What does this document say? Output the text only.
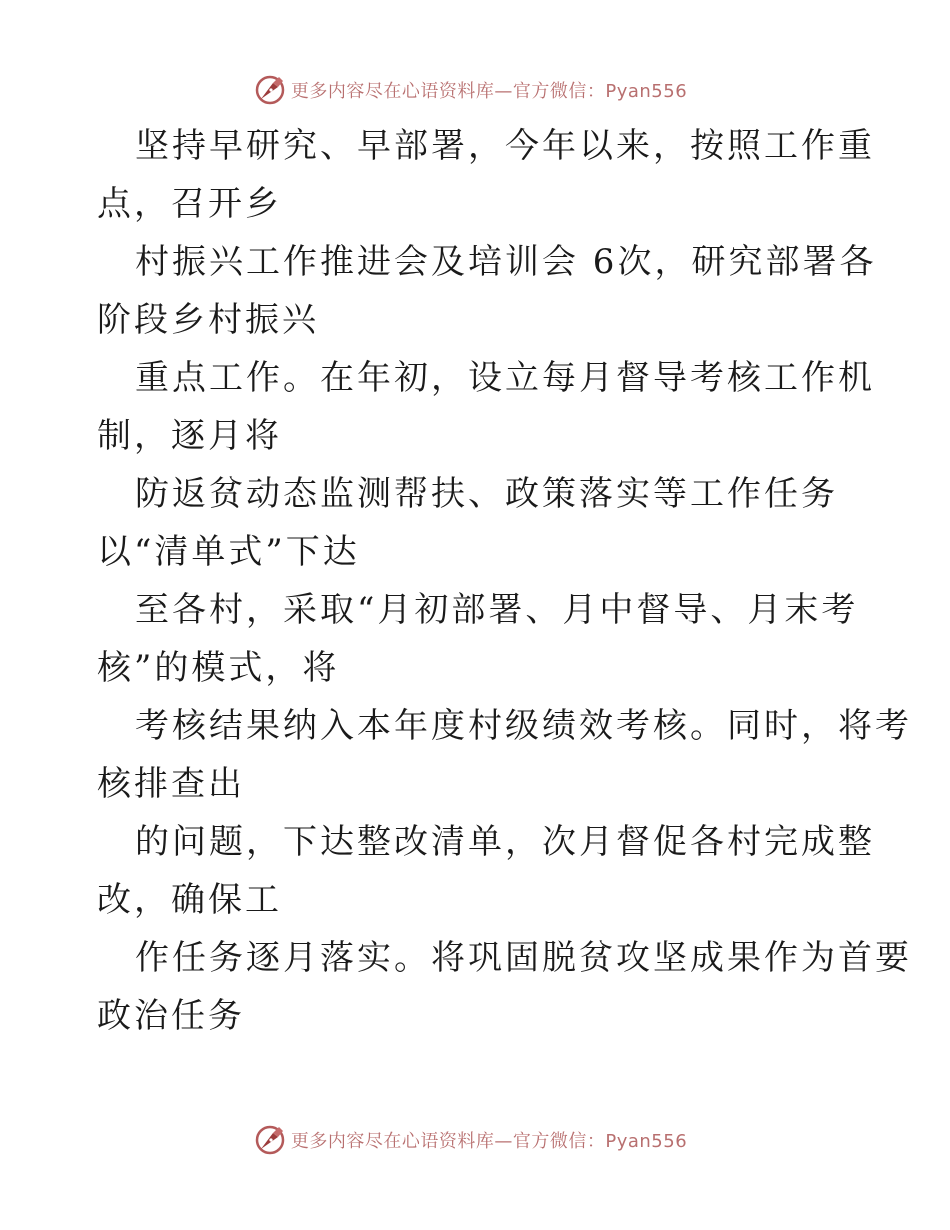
更多内容尽在心语资料库—官方微信：Pyan556

坚持早研究、早部署，今年以来，按照工作重
点，召开乡

村振兴工作推进会及培训会 6次，研究部署各
阶段乡村振兴

重点工作。在年初，设立每月督导考核工作机
制，逐月将

防返贫动态监测帮扶、政策落实等工作任务
以“清单式”下达

至各村，采取“月初部署、月中督导、月末考
核”的模式，将

考核结果纳入本年度村级绩效考核。同时，将考
核排查出

的问题，下达整改清单，次月督促各村完成整
改，确保工

作任务逐月落实。将巩固脱贫攻坚成果作为首要
政治任务

更多内容尽在心语资料库—官方微信：Pyan556
